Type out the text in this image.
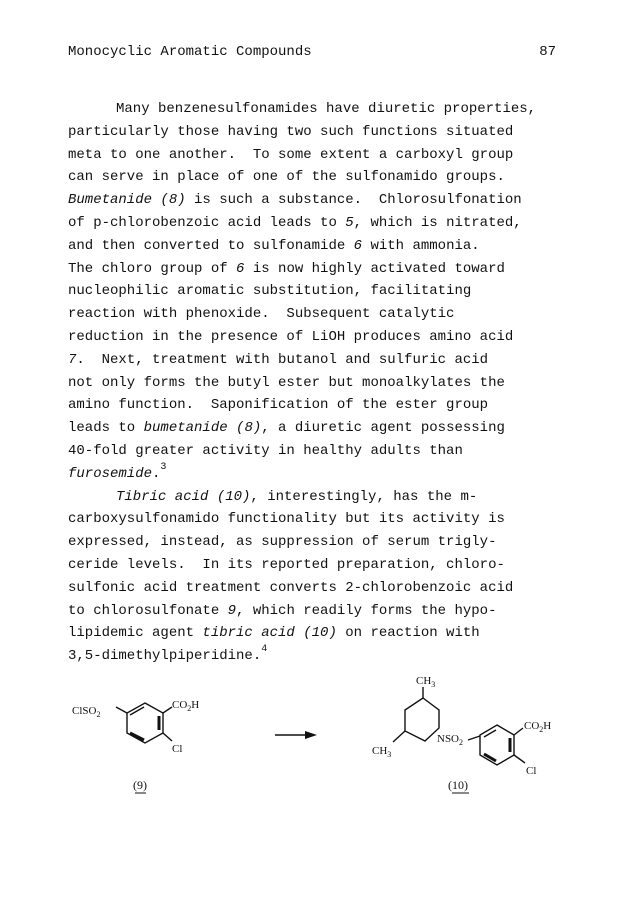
Monocyclic Aromatic Compounds	87
Many benzenesulfonamides have diuretic properties,
particularly those having two such functions situated
meta to one another.  To some extent a carboxyl group
can serve in place of one of the sulfonamido groups.
Bumetanide (8) is such a substance.  Chlorosulfonation
of p-chlorobenzoic acid leads to 5, which is nitrated,
and then converted to sulfonamide 6 with ammonia.
The chloro group of 6 is now highly activated toward
nucleophilic aromatic substitution, facilitating
reaction with phenoxide.  Subsequent catalytic
reduction in the presence of LiOH produces amino acid
7.  Next, treatment with butanol and sulfuric acid
not only forms the butyl ester but monoalkylates the
amino function.  Saponification of the ester group
leads to bumetanide (8), a diuretic agent possessing
40-fold greater activity in healthy adults than
furosemide.$^3$
Tibric acid (10), interestingly, has the m-
carboxysulfonamido functionality but its activity is
expressed, instead, as suppression of serum trigly-
ceride levels.  In its reported preparation, chloro-
sulfonic acid treatment converts 2-chlorobenzoic acid
to chlorosulfonate 9, which readily forms the hypo-
lipidemic agent tibric acid (10) on reaction with
3,5-dimethylpiperidine.$^4$
ClSO$_2$
$CO_2H$
Cl
(9)
$CH_3$
$CH_3$
$NSO_2$
$CO_2H$
Cl
(10)
